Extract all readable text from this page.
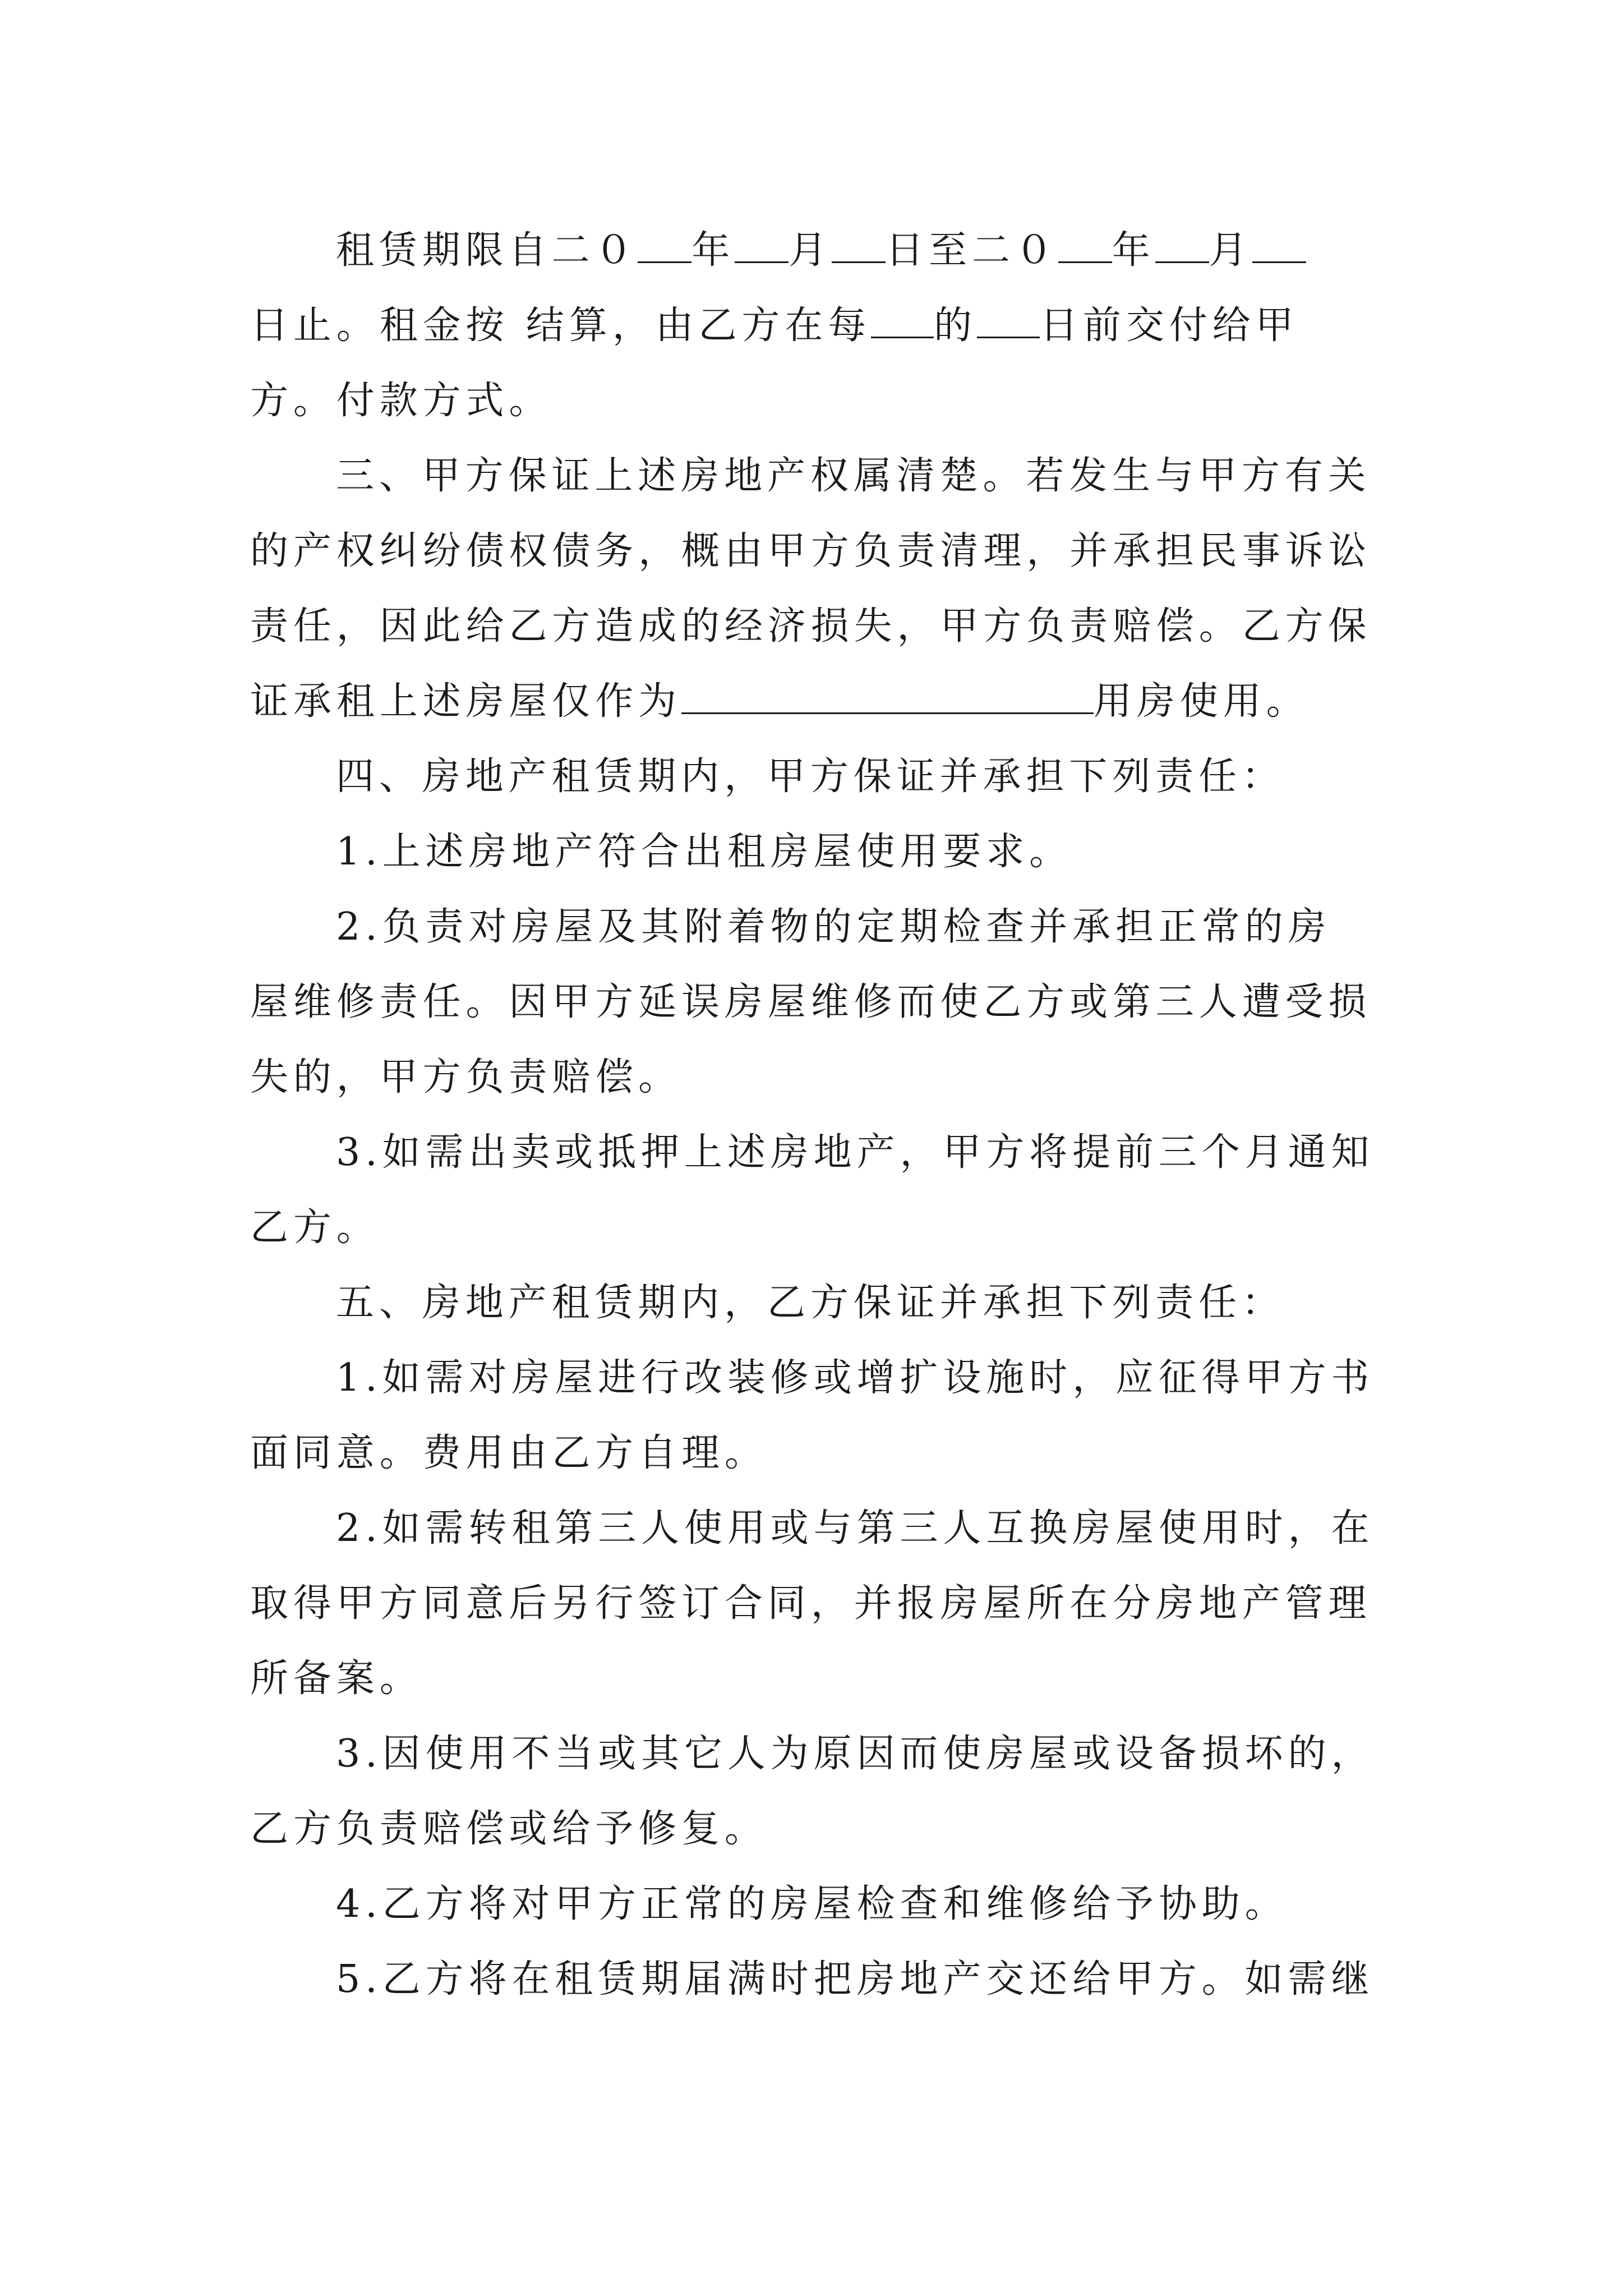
租赁期限自二０ 年 月 日至二０ 年 月
日止。租金按 结算，由乙方在每 的 日前交付给甲
方。付款方式。
三、甲方保证上述房地产权属清楚。若发生与甲方有关
的产权纠纷债权债务，概由甲方负责清理，并承担民事诉讼
责任，因此给乙方造成的经济损失，甲方负责赔偿。乙方保
证承租上述房屋仅作为	用房使用。
四、房地产租赁期内，甲方保证并承担下列责任：
1.上述房地产符合出租房屋使用要求。
2.负责对房屋及其附着物的定期检查并承担正常的房
屋维修责任。因甲方延误房屋维修而使乙方或第三人遭受损
失的，甲方负责赔偿。
3.如需出卖或抵押上述房地产，甲方将提前三个月通知
乙方。
五、房地产租赁期内，乙方保证并承担下列责任：
1.如需对房屋进行改装修或增扩设施时，应征得甲方书
面同意。费用由乙方自理。
2.如需转租第三人使用或与第三人互换房屋使用时，在
取得甲方同意后另行签订合同，并报房屋所在分房地产管理
所备案。
3.因使用不当或其它人为原因而使房屋或设备损坏的，
乙方负责赔偿或给予修复。
4.乙方将对甲方正常的房屋检查和维修给予协助。
5.乙方将在租赁期届满时把房地产交还给甲方。如需继
